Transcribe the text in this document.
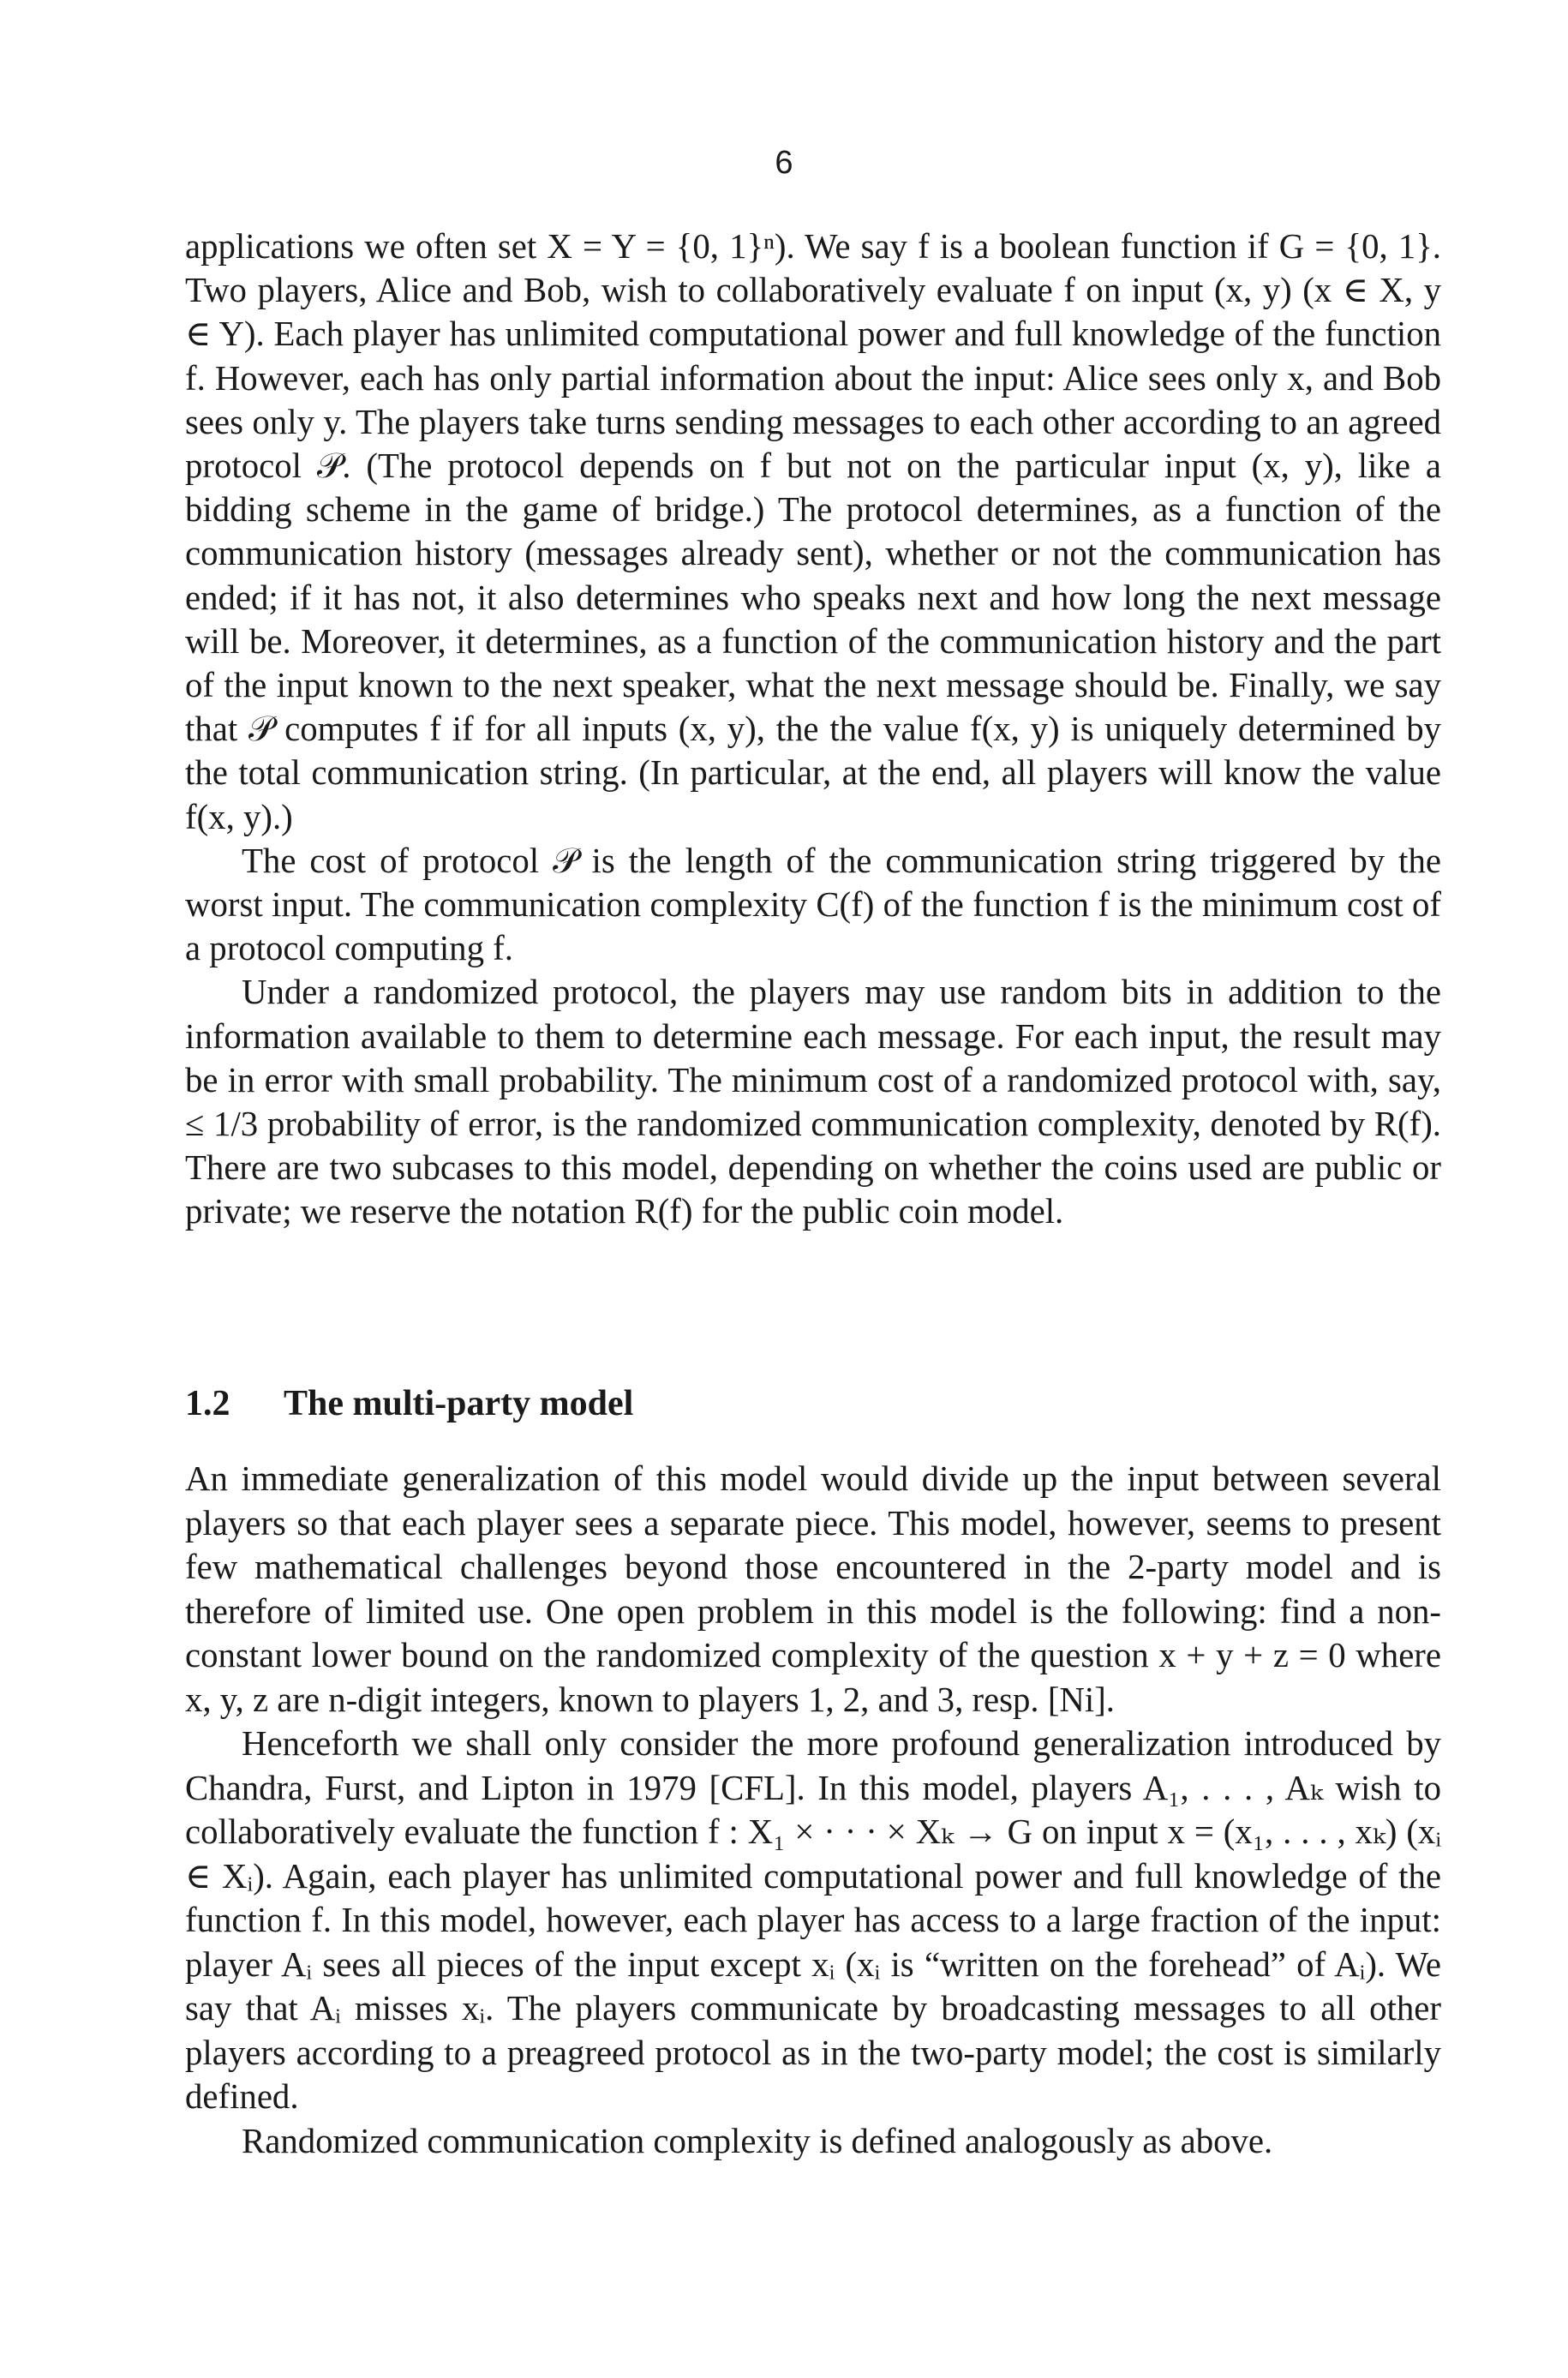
6

applications we often set X = Y = {0, 1}ⁿ). We say f is a boolean function if G = {0, 1}. Two players, Alice and Bob, wish to collaboratively evaluate f on input (x, y) (x ∈ X, y ∈ Y). Each player has unlimited computational power and full knowledge of the function f. However, each has only partial information about the input: Alice sees only x, and Bob sees only y. The players take turns sending messages to each other according to an agreed protocol 𝒫. (The protocol depends on f but not on the particular input (x, y), like a bidding scheme in the game of bridge.) The protocol determines, as a function of the communication history (messages already sent), whether or not the communication has ended; if it has not, it also determines who speaks next and how long the next message will be. Moreover, it determines, as a function of the communication history and the part of the input known to the next speaker, what the next message should be. Finally, we say that 𝒫 computes f if for all inputs (x, y), the the value f(x, y) is uniquely determined by the total communication string. (In particular, at the end, all players will know the value f(x, y).)

The cost of protocol 𝒫 is the length of the communication string triggered by the worst input. The communication complexity C(f) of the function f is the minimum cost of a protocol computing f.

Under a randomized protocol, the players may use random bits in addition to the information available to them to determine each message. For each input, the result may be in error with small probability. The minimum cost of a randomized protocol with, say, ≤ 1/3 probability of error, is the randomized communication complexity, denoted by R(f). There are two subcases to this model, depending on whether the coins used are public or private; we reserve the notation R(f) for the public coin model.

1.2 The multi-party model

An immediate generalization of this model would divide up the input between several players so that each player sees a separate piece. This model, however, seems to present few mathematical challenges beyond those encountered in the 2-party model and is therefore of limited use. One open problem in this model is the following: find a non-constant lower bound on the randomized complexity of the question x + y + z = 0 where x, y, z are n-digit integers, known to players 1, 2, and 3, resp. [Ni].

Henceforth we shall only consider the more profound generalization introduced by Chandra, Furst, and Lipton in 1979 [CFL]. In this model, players A₁, . . . , Aₖ wish to collaboratively evaluate the function f : X₁ × · · · × Xₖ → G on input x = (x₁, . . . , xₖ) (xᵢ ∈ Xᵢ). Again, each player has unlimited computational power and full knowledge of the function f. In this model, however, each player has access to a large fraction of the input: player Aᵢ sees all pieces of the input except xᵢ (xᵢ is “written on the forehead” of Aᵢ). We say that Aᵢ misses xᵢ. The players communicate by broadcasting messages to all other players according to a preagreed protocol as in the two-party model; the cost is similarly defined.

Randomized communication complexity is defined analogously as above.
